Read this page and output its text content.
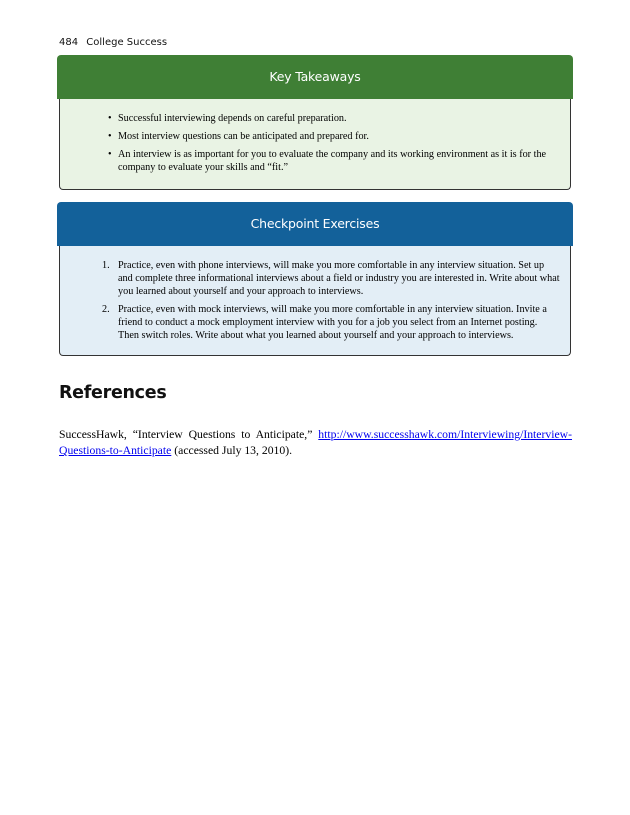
484 College Success
Key Takeaways
• Successful interviewing depends on careful preparation.
• Most interview questions can be anticipated and prepared for.
• An interview is as important for you to evaluate the company and its working environment as it is for the company to evaluate your skills and “fit.”
Checkpoint Exercises
1. Practice, even with phone interviews, will make you more comfortable in any interview situation. Set up and complete three informational interviews about a field or industry you are interested in. Write about what you learned about yourself and your approach to interviews.
2. Practice, even with mock interviews, will make you more comfortable in any interview situation. Invite a friend to conduct a mock employment interview with you for a job you select from an Internet posting. Then switch roles. Write about what you learned about yourself and your approach to interviews.
References

SuccessHawk, “Interview Questions to Anticipate,” http://www.successhawk.com/Interviewing/Interview-Questions-to-Anticipate (accessed July 13, 2010).
